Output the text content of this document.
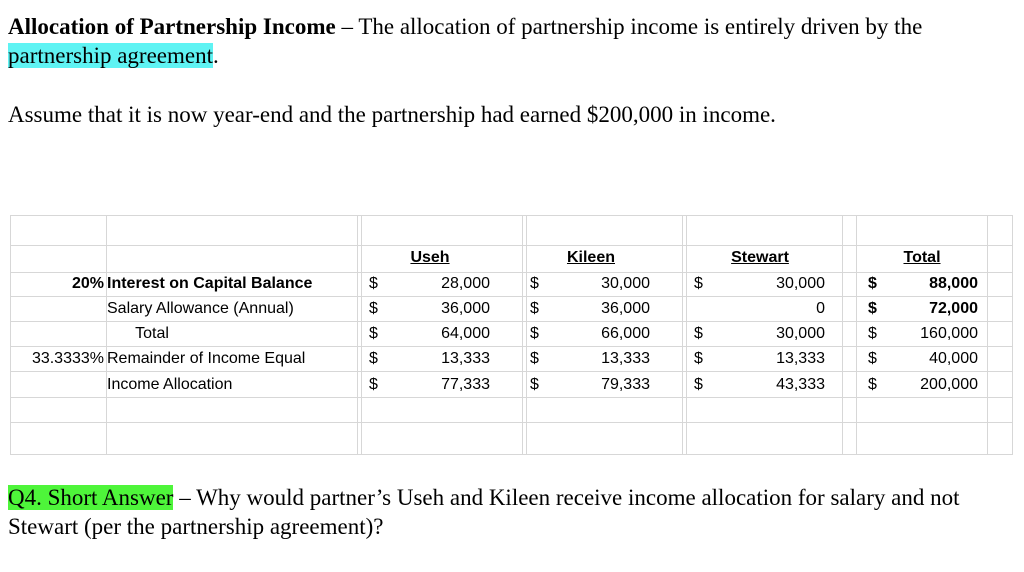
Allocation of Partnership Income – The allocation of partnership income is entirely driven by the partnership agreement.
Assume that it is now year-end and the partnership had earned $200,000 in income.
Useh	Kileen	Stewart	Total
20% Interest on Capital Balance	$	28,000	$	30,000	$	30,000	$	88,000
Salary Allowance (Annual)	$	36,000	$	36,000	0	$	72,000
Total	$	64,000	$	66,000	$	30,000	$	160,000
33.3333% Remainder of Income Equal	$	13,333	$	13,333	$	13,333	$	40,000
Income Allocation	$	77,333	$	79,333	$	43,333	$	200,000
Q4. Short Answer – Why would partner’s Useh and Kileen receive income allocation for salary and not Stewart (per the partnership agreement)?
